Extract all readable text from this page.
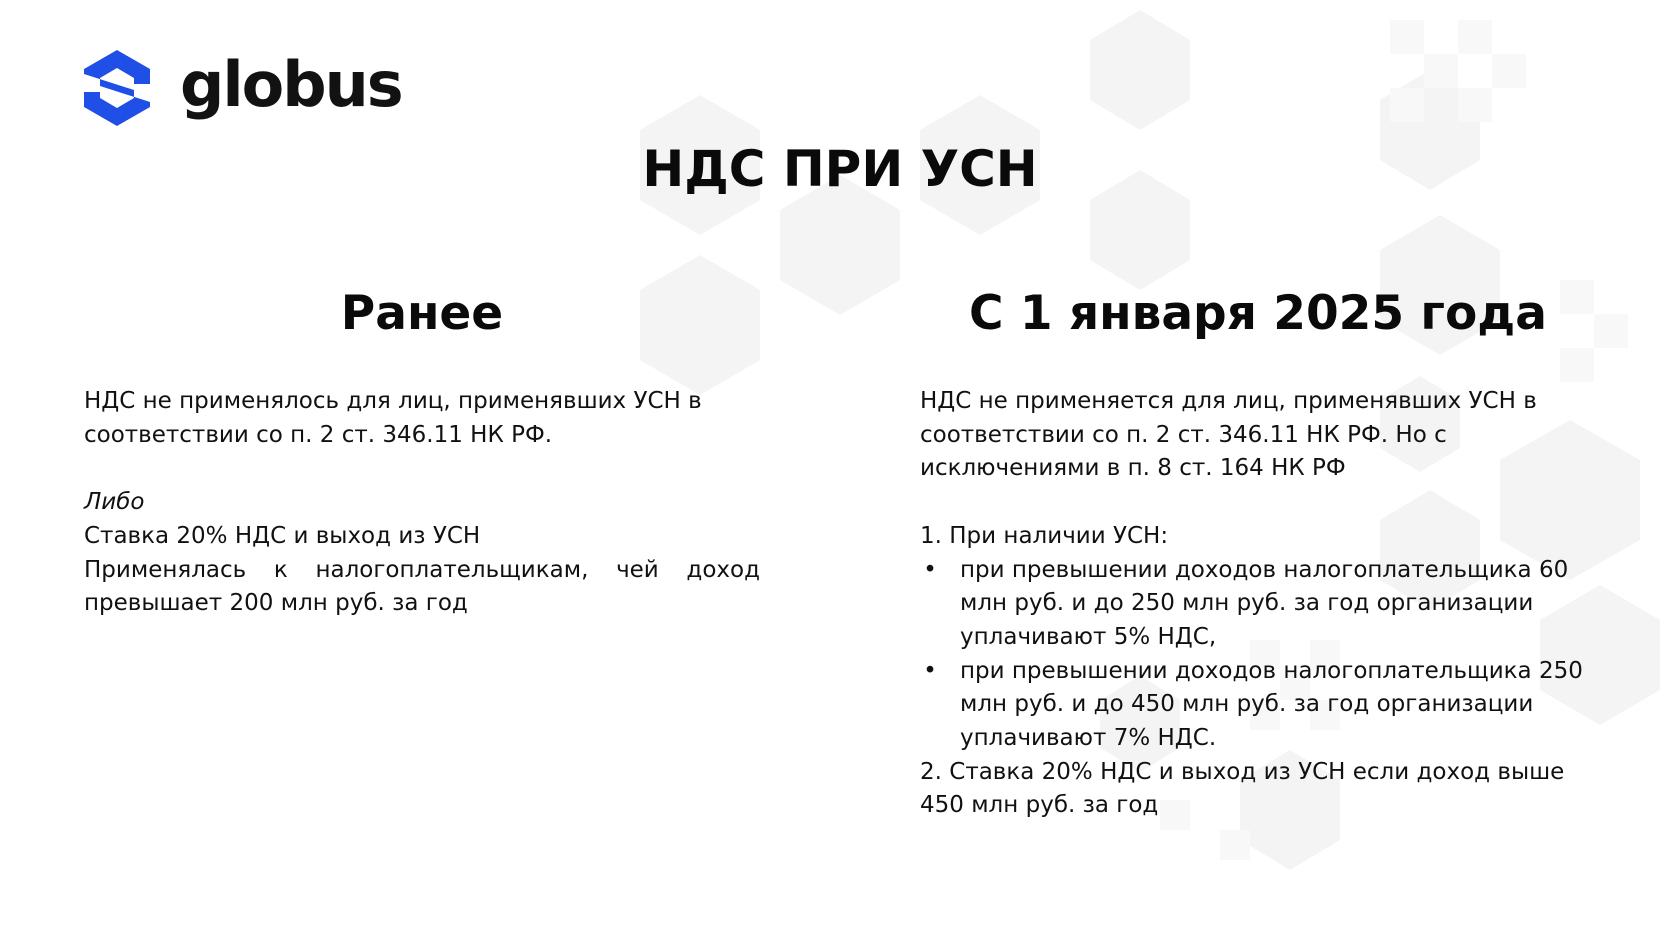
globus
НДС ПРИ УСН
Ранее	С 1 января 2025 года

НДС не применялось для лиц, применявших УСН в соответствии со п. 2 ст. 346.11 НК РФ.

Либо

Ставка 20% НДС и выход из УСН

Применялась к налогоплательщикам, чей доход превышает 200 млн руб. за год

НДС не применяется для лиц, применявших УСН в соответствии со п. 2 ст. 346.11 НК РФ. Но с исключениями в п. 8 ст. 164 НК РФ

1. При наличии УСН:

• при превышении доходов налогоплательщика 60 млн руб. и до 250 млн руб. за год организации уплачивают 5% НДС,
• при превышении доходов налогоплательщика 250 млн руб. и до 450 млн руб. за год организации уплачивают 7% НДС.

2. Ставка 20% НДС и выход из УСН если доход выше 450 млн руб. за год
